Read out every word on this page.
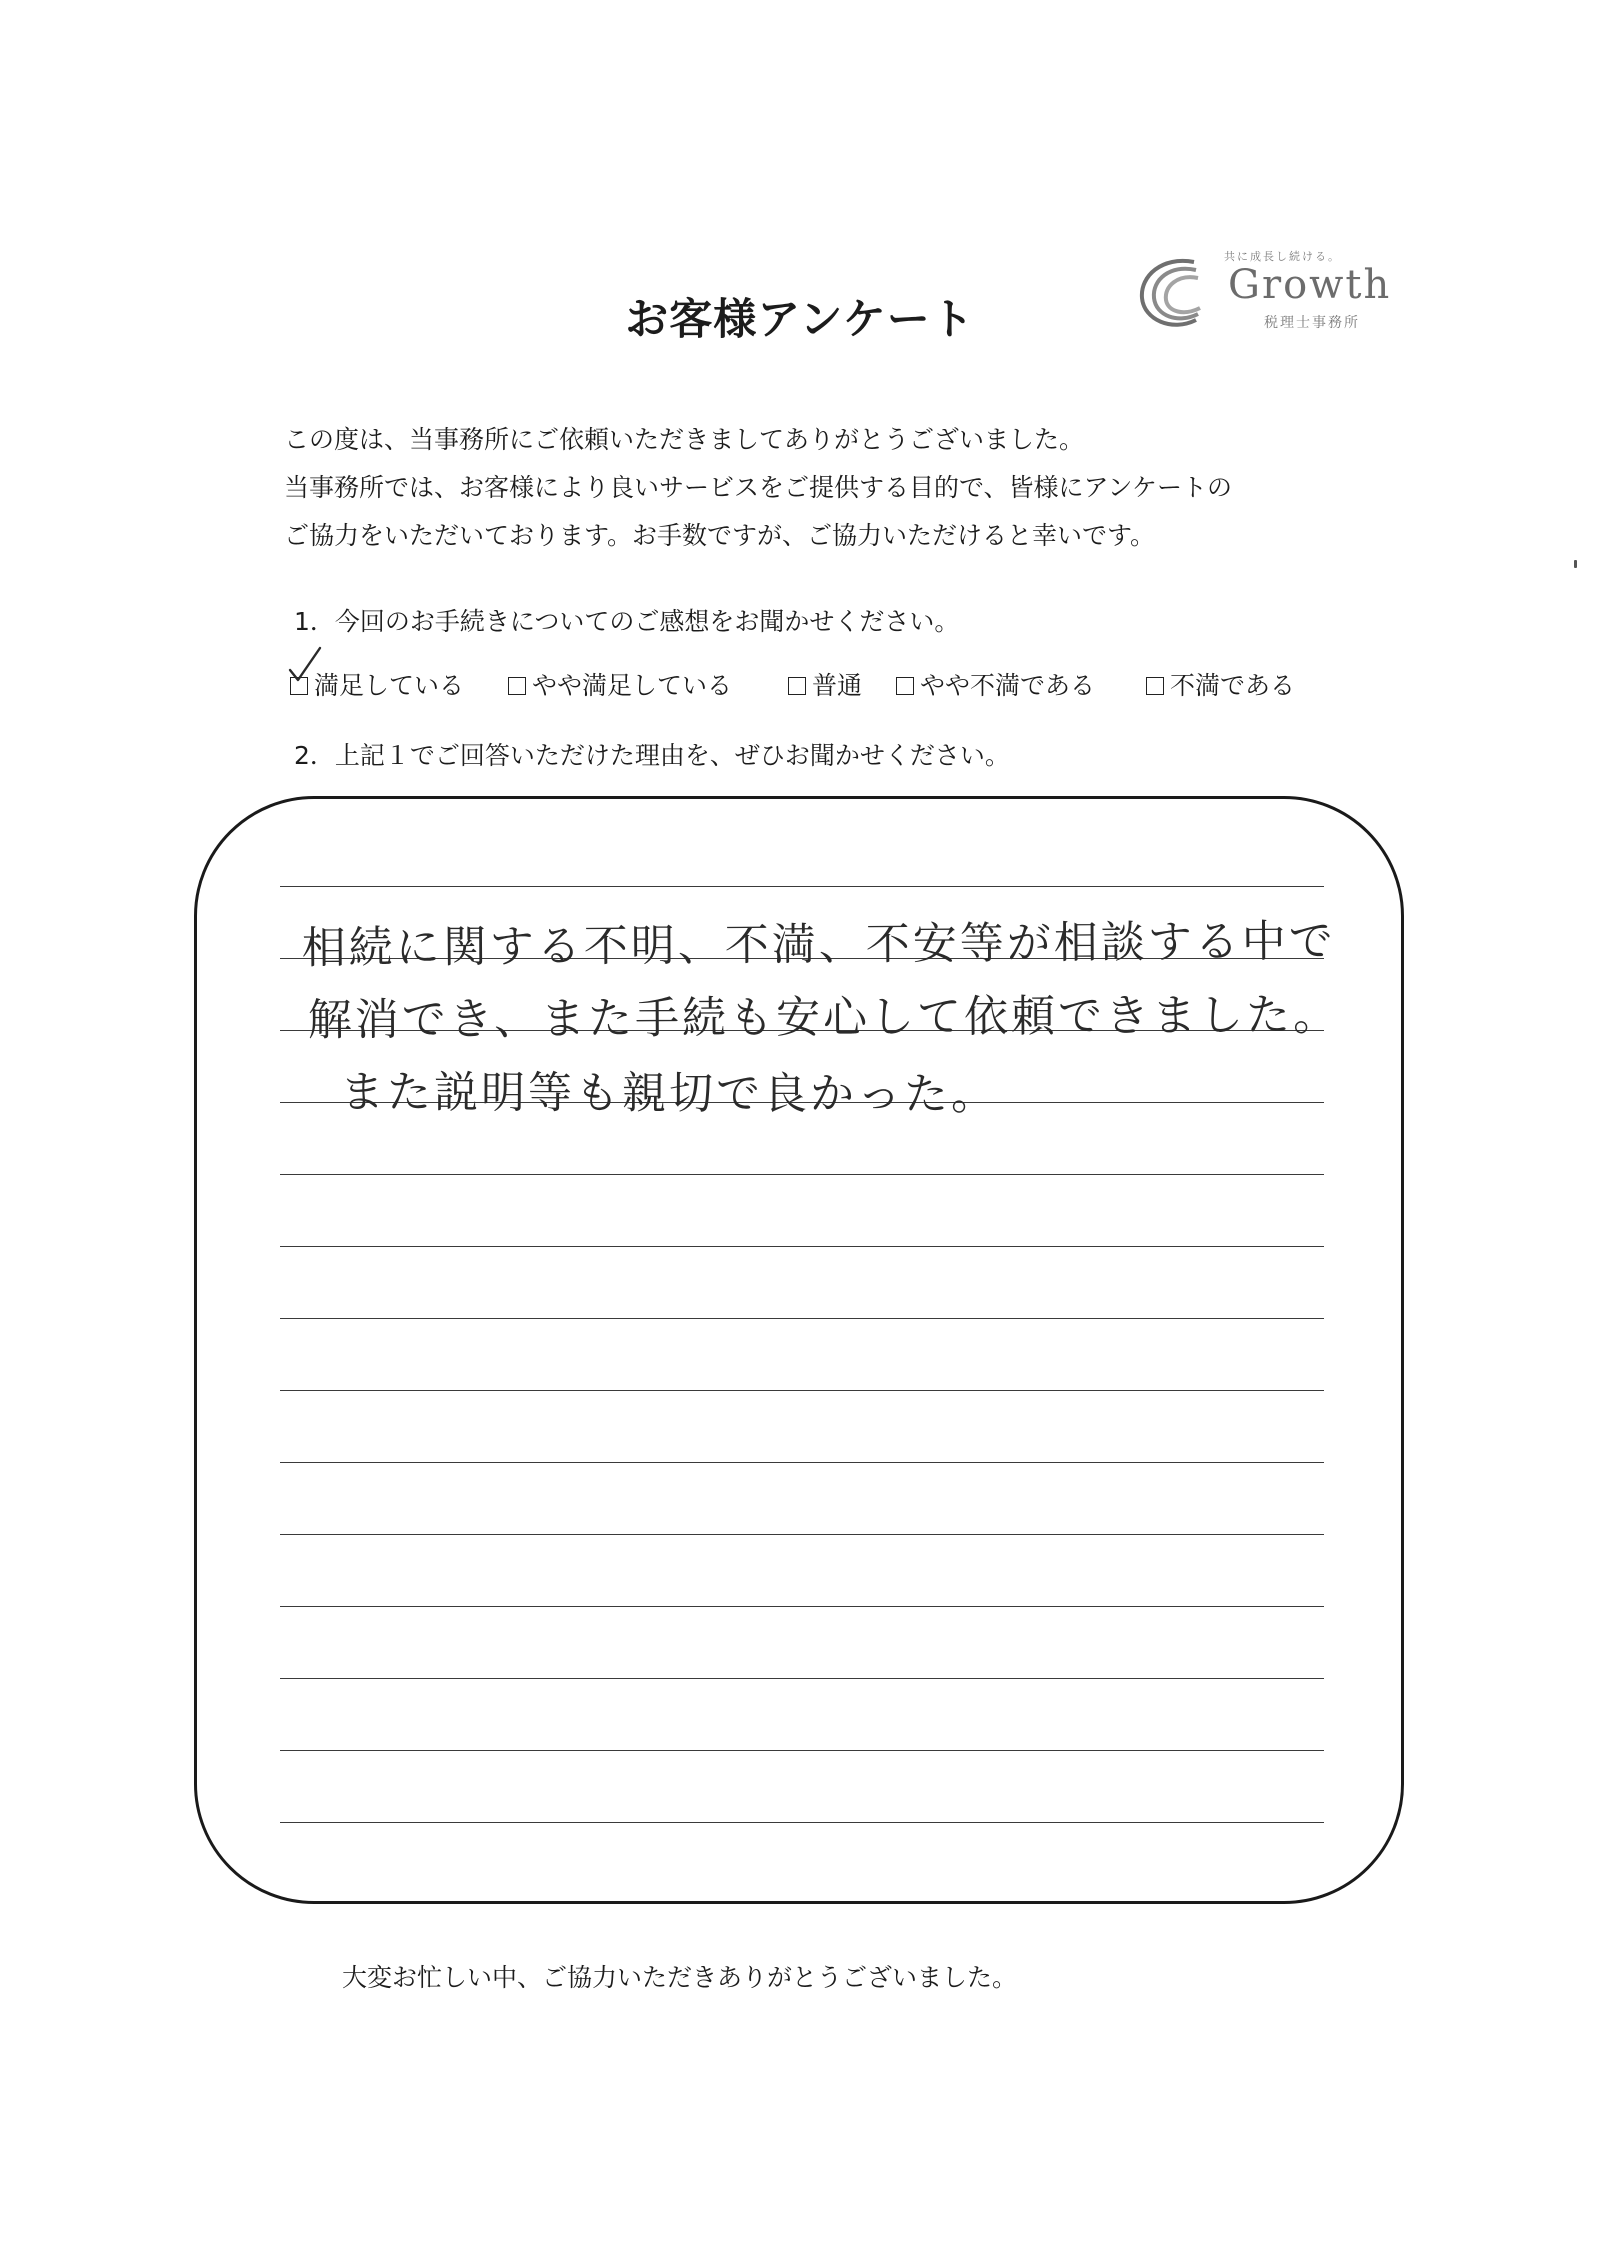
お客様アンケート
共に成長し続ける。
Growth
税理士事務所
この度は、当事務所にご依頼いただきましてありがとうございました。
当事務所では、お客様により良いサービスをご提供する目的で、皆様にアンケートの
ご協力をいただいております。お手数ですが、ご協力いただけると幸いです。
1．今回のお手続きについてのご感想をお聞かせください。
満足している	やや満足している	普通	やや不満である	不満である
2．上記１でご回答いただけた理由を、ぜひお聞かせください。
相続に関する不明、不満、不安等が相談する中で
解消でき、また手続も安心して依頼できました。
また説明等も親切で良かった。
大変お忙しい中、ご協力いただきありがとうございました。
